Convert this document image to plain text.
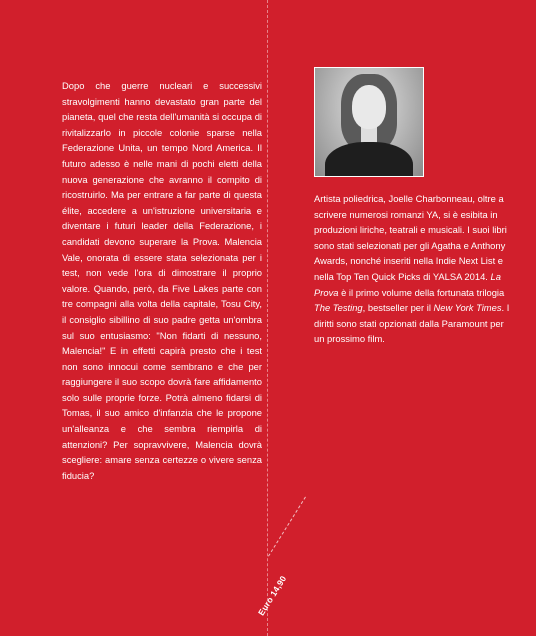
Dopo che guerre nucleari e successivi stravolgimenti hanno devastato gran parte del pianeta, quel che resta dell'umanità si occupa di rivitalizzarlo in piccole colonie sparse nella Federazione Unita, un tempo Nord America. Il futuro adesso è nelle mani di pochi eletti della nuova generazione che avranno il compito di ricostruirlo. Ma per entrare a far parte di questa élite, accedere a un'istruzione universitaria e diventare i futuri leader della Federazione, i candidati devono superare la Prova. Malencia Vale, onorata di essere stata selezionata per i test, non vede l'ora di dimostrare il proprio valore. Quando, però, da Five Lakes parte con tre compagni alla volta della capitale, Tosu City, il consiglio sibillino di suo padre getta un'ombra sul suo entusiasmo: "Non fidarti di nessuno, Malencia!" E in effetti capirà presto che i test non sono innocui come sembrano e che per raggiungere il suo scopo dovrà fare affidamento solo sulle proprie forze. Potrà almeno fidarsi di Tomas, il suo amico d'infanzia che le propone un'alleanza e che sembra riempirla di attenzioni? Per sopravvivere, Malencia dovrà scegliere: amare senza certezze o vivere senza fiducia?
Artista poliedrica, Joelle Charbonneau, oltre a scrivere numerosi romanzi YA, si è esibita in produzioni liriche, teatrali e musicali. I suoi libri sono stati selezionati per gli Agatha e Anthony Awards, nonché inseriti nella Indie Next List e nella Top Ten Quick Picks di YALSA 2014. La Prova è il primo volume della fortunata trilogia The Testing, bestseller per il New York Times. I diritti sono stati opzionati dalla Paramount per un prossimo film.
Euro 14,90
